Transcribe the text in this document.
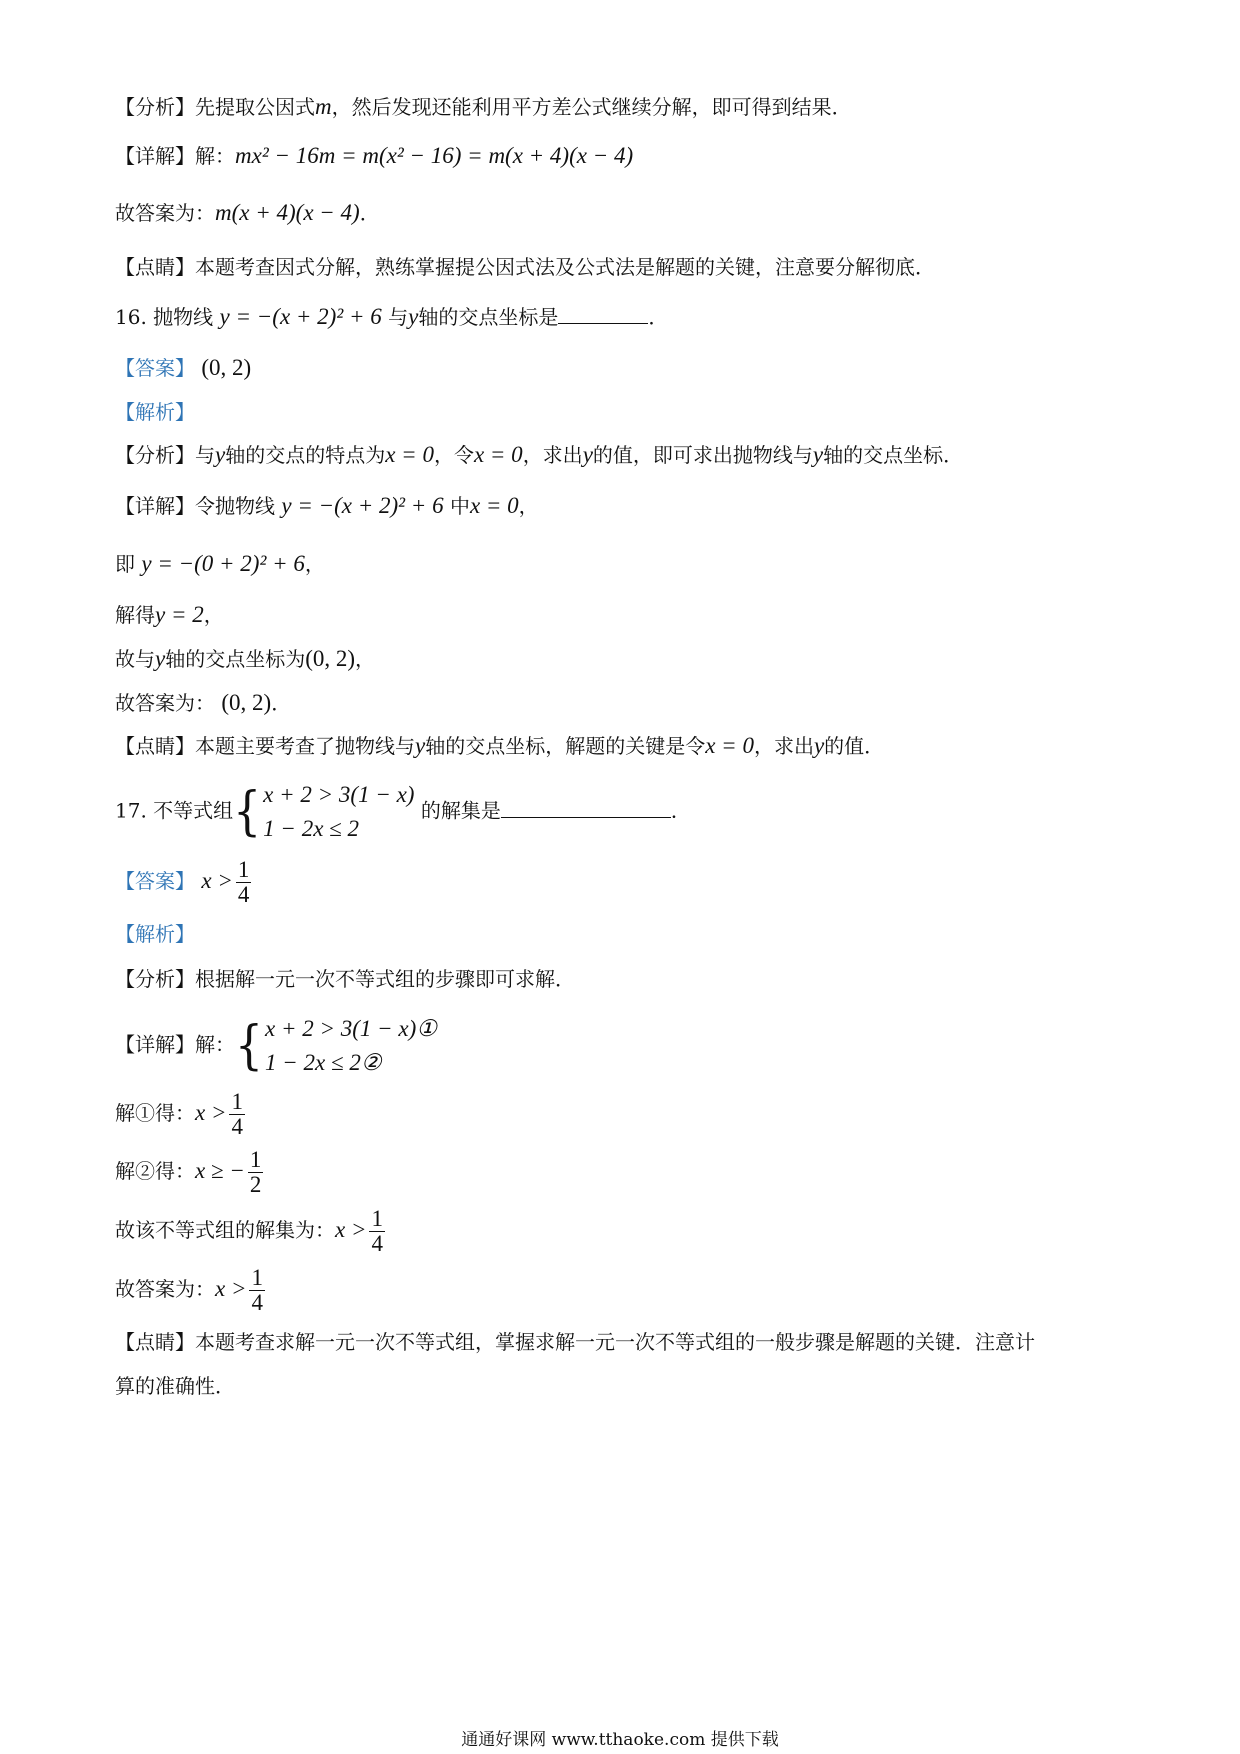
【分析】先提取公因式m，然后发现还能利用平方差公式继续分解，即可得到结果．
【详解】解：mx² − 16m = m(x² − 16) = m(x + 4)(x − 4)
故答案为：m(x + 4)(x − 4)．
【点睛】本题考查因式分解，熟练掌握提公因式法及公式法是解题的关键，注意要分解彻底．
16. 抛物线 y = −(x + 2)² + 6 与y轴的交点坐标是	．
【答案】 (0, 2)
【解析】
【分析】与y轴的交点的特点为x = 0，令x = 0，求出y的值，即可求出抛物线与y轴的交点坐标．
【详解】令抛物线 y = −(x + 2)² + 6 中x = 0，
即 y = −(0 + 2)² + 6，
解得y = 2，
故与y轴的交点坐标为(0, 2)，
故答案为： (0, 2)．
【点睛】本题主要考查了抛物线与y轴的交点坐标，解题的关键是令x = 0，求出y的值．
17. 不等式组{ x + 2 > 3(1 − x)
1 − 2x ≤ 2
的解集是	．
【答案】 $x > \frac{1}{4}$
【解析】
【分析】根据解一元一次不等式组的步骤即可求解．
【详解】解：{ x + 2 > 3(1 − x)①
1 − 2x ≤ 2②
解①得：$x > \frac{1}{4}$
解②得：x ≥ − $\frac{1}{2}$
故该不等式组的解集为：$x > \frac{1}{4}$
故答案为：$x > \frac{1}{4}$
【点睛】本题考查求解一元一次不等式组，掌握求解一元一次不等式组的一般步骤是解题的关键．注意计
算的准确性．
通通好课网 www.tthaoke.com 提供下载
